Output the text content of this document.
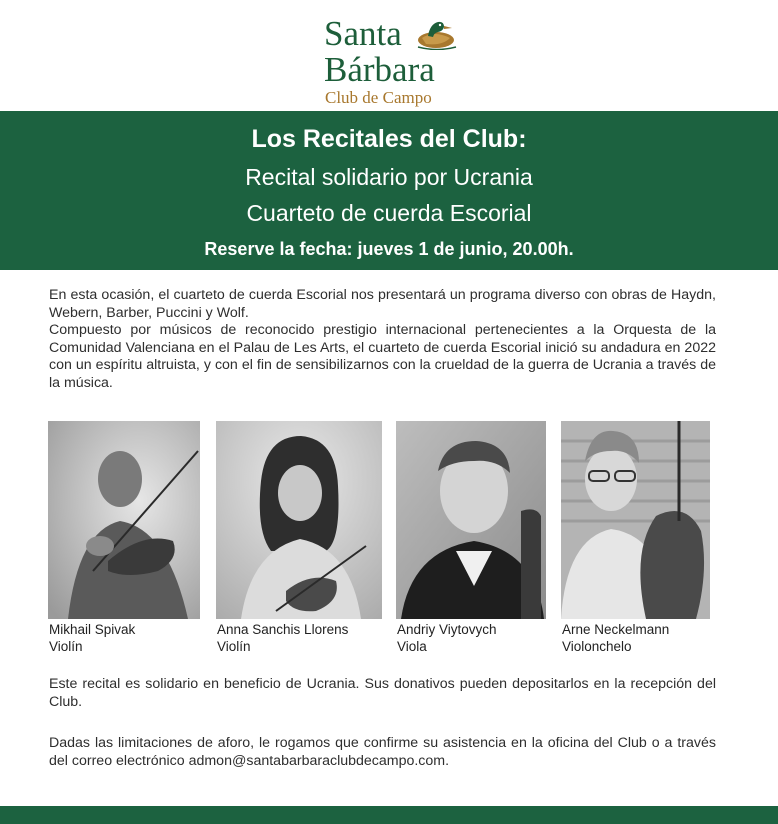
Santa
Bárbara
Club de Campo
Los Recitales del Club:
Recital solidario por Ucrania
Cuarteto de cuerda Escorial
Reserve la fecha: jueves 1 de junio, 20.00h.

En esta ocasión, el cuarteto de cuerda Escorial nos presentará un programa diverso con obras de Haydn, Webern, Barber, Puccini y Wolf.

Compuesto por músicos de reconocido prestigio internacional pertenecientes a la Orquesta de la Comunidad Valenciana en el Palau de Les Arts, el cuarteto de cuerda Escorial inició su andadura en 2022 con un espíritu altruista, y con el fin de sensibilizarnos con la crueldad de la guerra de Ucrania a través de la música.

Mikhail Spivak
Violín
Anna Sanchis Llorens
Violín
Andriy Viytovych
Viola
Arne Neckelmann
Violonchelo

Este recital es solidario en beneficio de Ucrania. Sus donativos pueden depositarlos en la recepción del Club.

Dadas las limitaciones de aforo, le rogamos que confirme su asistencia en la oficina del Club o a través del correo electrónico admon@santabarbaraclubdecampo.com.
